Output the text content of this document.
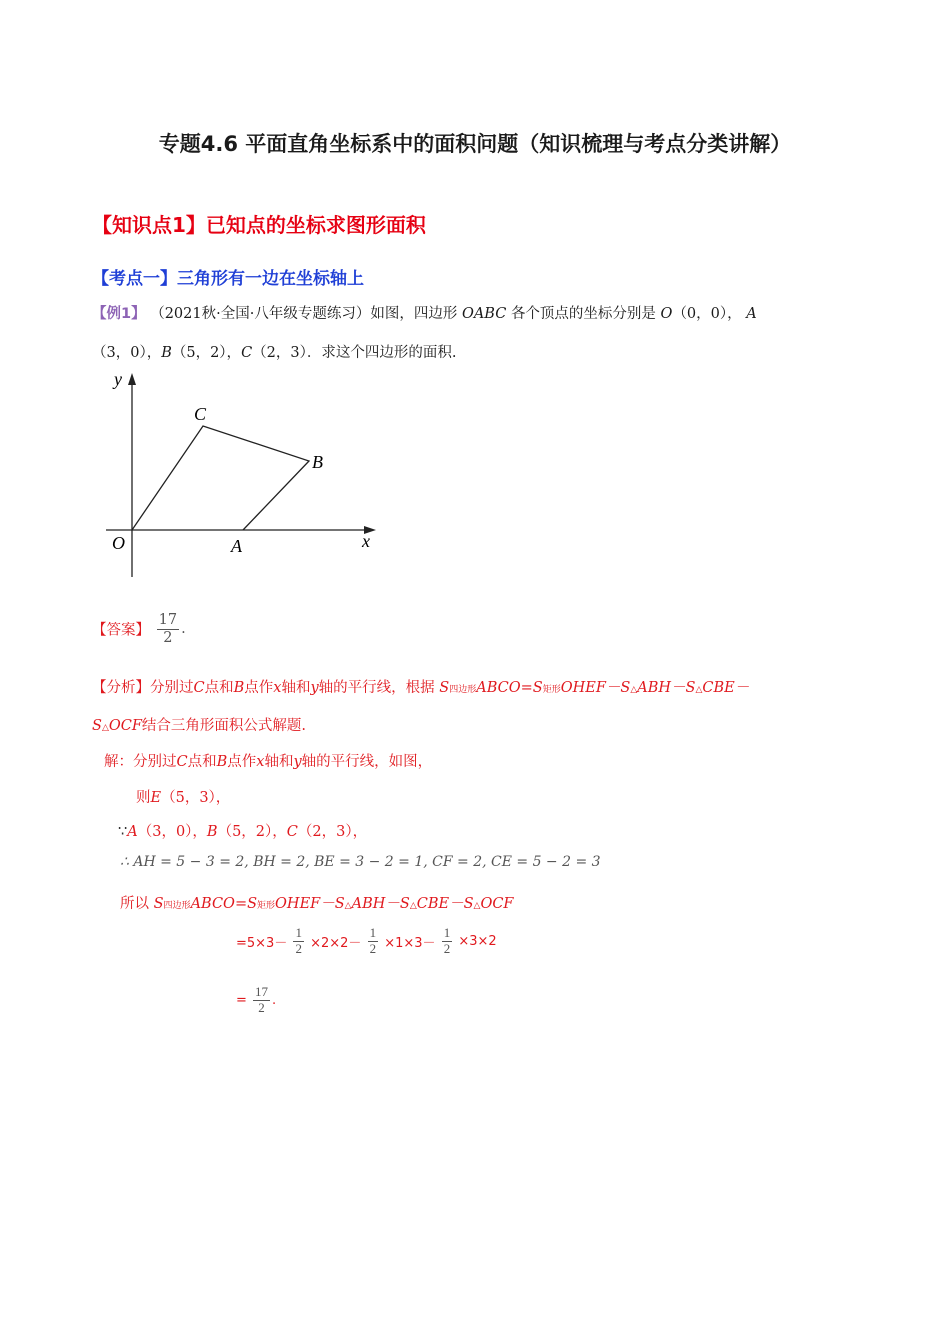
专题4.6 平面直角坐标系中的面积问题（知识梳理与考点分类讲解）
【知识点1】已知点的坐标求图形面积
【考点一】三角形有一边在坐标轴上
【例1】 （2021秋·全国·八年级专题练习）如图，四边形 OABC 各个顶点的坐标分别是 O（0，0）， A
（3，0），B（5，2），C（2，3）．求这个四边形的面积.
y
x
O	A
B
C
【答案】 $\frac{17}{2}$ .
【分析】分别过C点和B点作x轴和y轴的平行线，根据 S四边形ABCO=S矩形OHEF－S△ABH－S△CBE－
S△OCF结合三角形面积公式解题.
解：分别过C点和B点作x轴和y轴的平行线，如图，
则E（5，3），
∵A（3，0），B（5，2），C（2，3），
∴ AH = 5 − 3 = 2, BH = 2, BE = 3 − 2 = 1, CF = 2, CE = 5 − 2 = 3
所以 S四边形ABCO=S矩形OHEF－S△ABH－S△CBE－S△OCF
$=5\times 3- \frac{1}{2} \times 2\times 2- \frac{1}{2} \times 1\times 3- \frac{1}{2} \times 3\times 2$
= $\frac{17}{2}$ .
